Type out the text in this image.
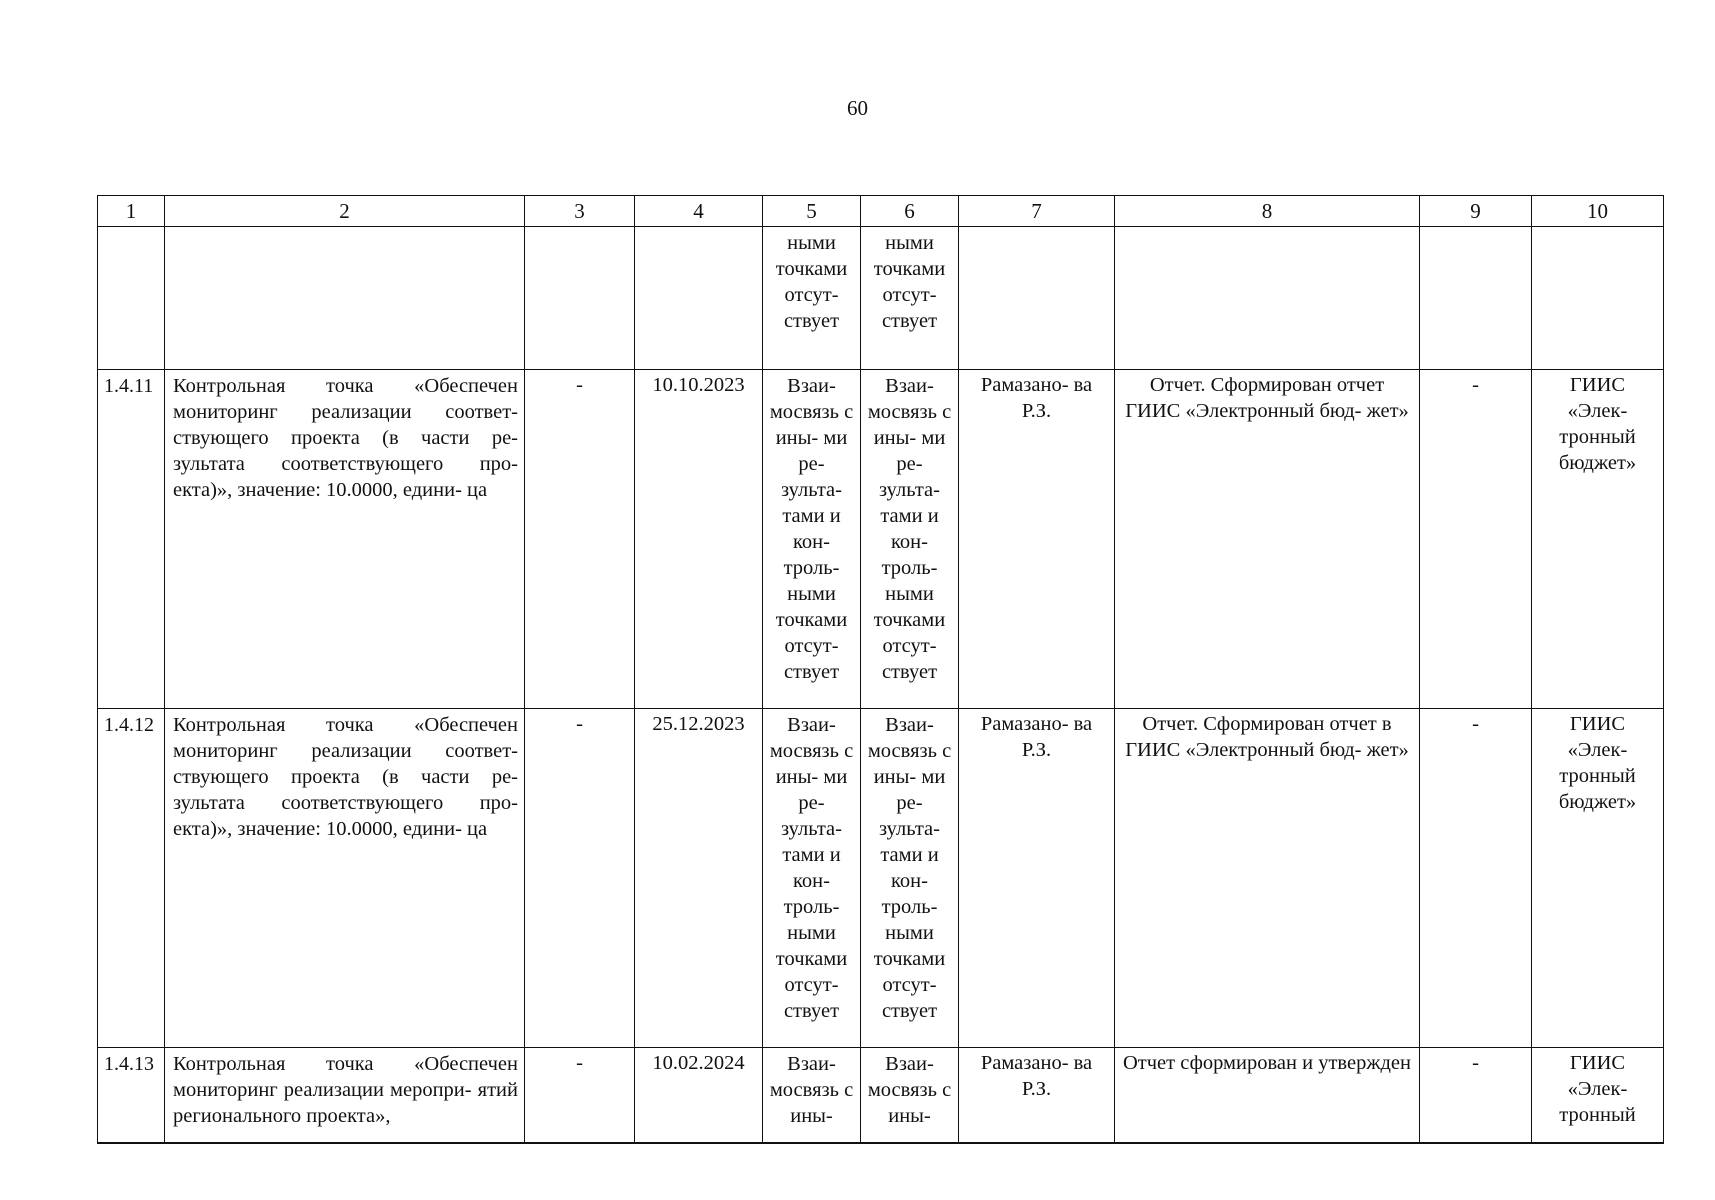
60
1	2	3	4	5	6	7	8	9	10
				ными точками отсут- ствует	ными точками отсут- ствует				
1.4.11	Контрольная точка «Обеспечен мониторинг реализации соответ- ствующего проекта (в части ре- зультата соответствующего про- екта)», значение: 10.0000, едини- ца	-	10.10.2023	Взаи- мосвязь с ины- ми ре- зульта- тами и кон- троль- ными точками отсут- ствует	Взаи- мосвязь с ины- ми ре- зульта- тами и кон- троль- ными точками отсут- ствует	Рамазано- ва Р.З.	Отчет. Сформирован отчет ГИИС «Электронный бюд- жет»	-	ГИИС «Элек- тронный бюджет»
1.4.12	Контрольная точка «Обеспечен мониторинг реализации соответ- ствующего проекта (в части ре- зультата соответствующего про- екта)», значение: 10.0000, едини- ца	-	25.12.2023	Взаи- мосвязь с ины- ми ре- зульта- тами и кон- троль- ными точками отсут- ствует	Взаи- мосвязь с ины- ми ре- зульта- тами и кон- троль- ными точками отсут- ствует	Рамазано- ва Р.З.	Отчет. Сформирован отчет в ГИИС «Электронный бюд- жет»	-	ГИИС «Элек- тронный бюджет»
1.4.13	Контрольная точка «Обеспечен мониторинг реализации меропри- ятий регионального проекта»,	-	10.02.2024	Взаи- мосвязь с ины-	Взаи- мосвязь с ины-	Рамазано- ва Р.З.	Отчет сформирован и утвержден	-	ГИИС «Элек- тронный
